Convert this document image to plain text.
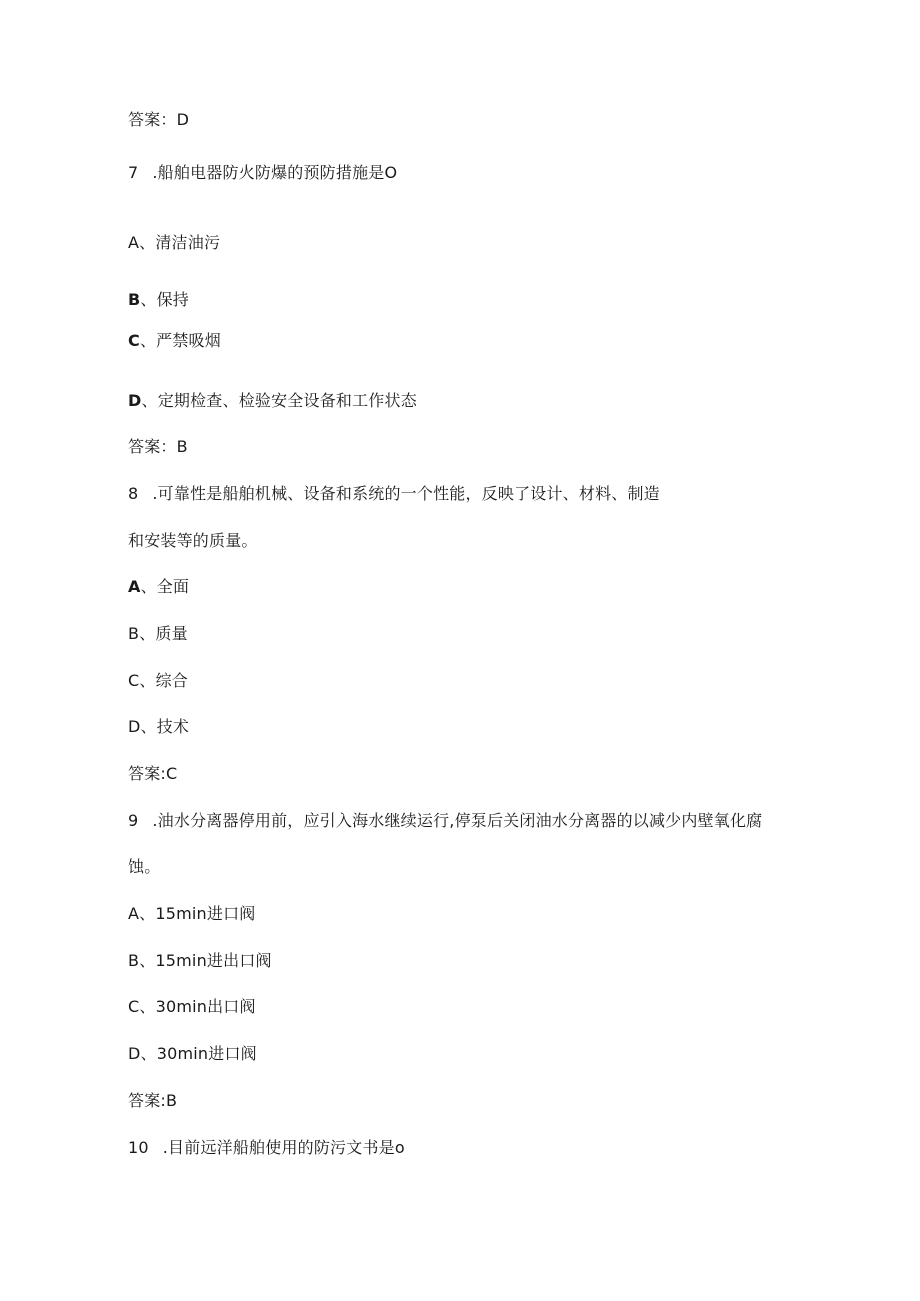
答案：D
7 .船舶电器防火防爆的预防措施是O
A、清洁油污
B、保持
C、严禁吸烟
D、定期检查、检验安全设备和工作状态
答案：B
8 .可靠性是船舶机械、设备和系统的一个性能，反映了设计、材料、制造
和安装等的质量。
A、全面
B、质量
C、综合
D、技术
答案:C
9 .油水分离器停用前，应引入海水继续运行,停泵后关闭油水分离器的以减少内壁氧化腐
蚀。
A、15min进口阀
B、15min进出口阀
C、30min出口阀
D、30min进口阀
答案:B
10 .目前远洋船舶使用的防污文书是o
